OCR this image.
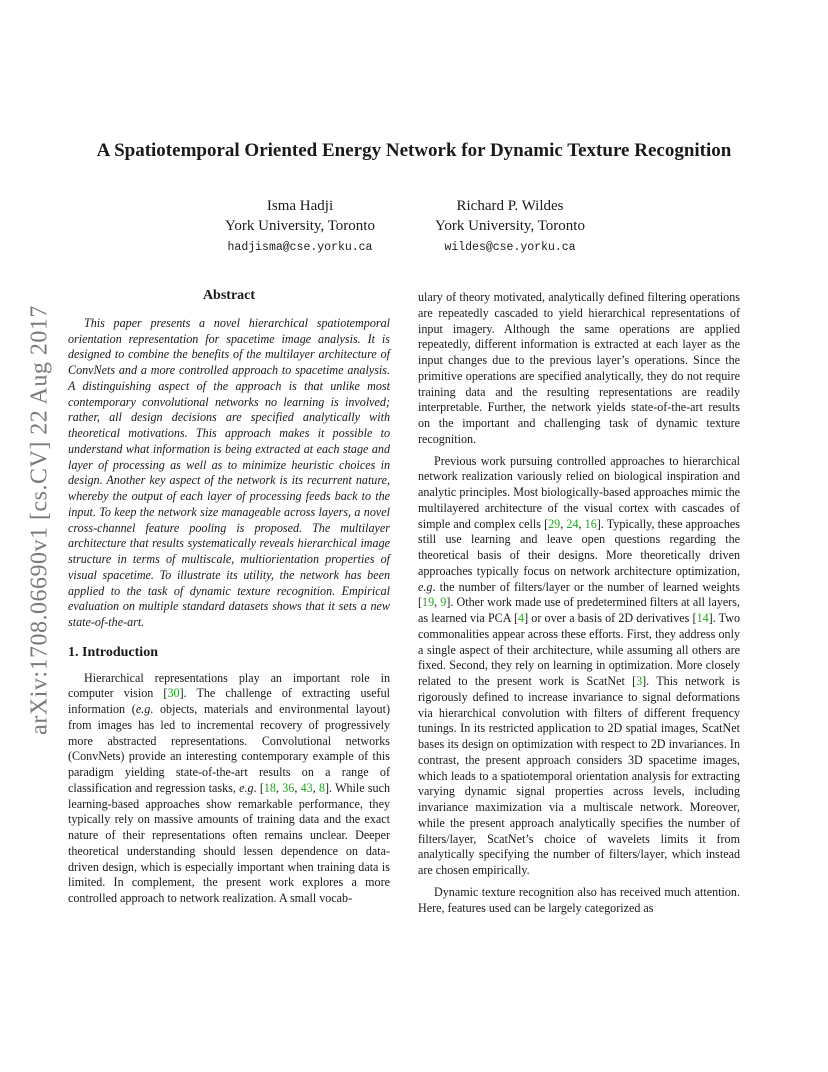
arXiv:1708.06690v1 [cs.CV] 22 Aug 2017
A Spatiotemporal Oriented Energy Network for Dynamic Texture Recognition
Isma Hadji
York University, Toronto
hadjisma@cse.yorku.ca
Richard P. Wildes
York University, Toronto
wildes@cse.yorku.ca
Abstract

This paper presents a novel hierarchical spatiotemporal orientation representation for spacetime image analysis. It is designed to combine the benefits of the multilayer architecture of ConvNets and a more controlled approach to spacetime analysis. A distinguishing aspect of the approach is that unlike most contemporary convolutional networks no learning is involved; rather, all design decisions are specified analytically with theoretical motivations. This approach makes it possible to understand what information is being extracted at each stage and layer of processing as well as to minimize heuristic choices in design. Another key aspect of the network is its recurrent nature, whereby the output of each layer of processing feeds back to the input. To keep the network size manageable across layers, a novel cross-channel feature pooling is proposed. The multilayer architecture that results systematically reveals hierarchical image structure in terms of multiscale, multiorientation properties of visual spacetime. To illustrate its utility, the network has been applied to the task of dynamic texture recognition. Empirical evaluation on multiple standard datasets shows that it sets a new state-of-the-art.

1. Introduction

Hierarchical representations play an important role in computer vision [30]. The challenge of extracting useful information (e.g. objects, materials and environmental layout) from images has led to incremental recovery of progressively more abstracted representations. Convolutional networks (ConvNets) provide an interesting contemporary example of this paradigm yielding state-of-the-art results on a range of classification and regression tasks, e.g. [18, 36, 43, 8]. While such learning-based approaches show remarkable performance, they typically rely on massive amounts of training data and the exact nature of their representations often remains unclear. Deeper theoretical understanding should lessen dependence on data-driven design, which is especially important when training data is limited. In complement, the present work explores a more controlled approach to network realization. A small vocab-

ulary of theory motivated, analytically defined filtering operations are repeatedly cascaded to yield hierarchical representations of input imagery. Although the same operations are applied repeatedly, different information is extracted at each layer as the input changes due to the previous layer’s operations. Since the primitive operations are specified analytically, they do not require training data and the resulting representations are readily interpretable. Further, the network yields state-of-the-art results on the important and challenging task of dynamic texture recognition.

Previous work pursuing controlled approaches to hierarchical network realization variously relied on biological inspiration and analytic principles. Most biologically-based approaches mimic the multilayered architecture of the visual cortex with cascades of simple and complex cells [29, 24, 16]. Typically, these approaches still use learning and leave open questions regarding the theoretical basis of their designs. More theoretically driven approaches typically focus on network architecture optimization, e.g. the number of filters/layer or the number of learned weights [19, 9]. Other work made use of predetermined filters at all layers, as learned via PCA [4] or over a basis of 2D derivatives [14]. Two commonalities appear across these efforts. First, they address only a single aspect of their architecture, while assuming all others are fixed. Second, they rely on learning in optimization. More closely related to the present work is ScatNet [3]. This network is rigorously defined to increase invariance to signal deformations via hierarchical convolution with filters of different frequency tunings. In its restricted application to 2D spatial images, ScatNet bases its design on optimization with respect to 2D invariances. In contrast, the present approach considers 3D spacetime images, which leads to a spatiotemporal orientation analysis for extracting varying dynamic signal properties across levels, including invariance maximization via a multiscale network. Moreover, while the present approach analytically specifies the number of filters/layer, ScatNet’s choice of wavelets limits it from analytically specifying the number of filters/layer, which instead are chosen empirically.

Dynamic texture recognition also has received much attention. Here, features used can be largely categorized as
